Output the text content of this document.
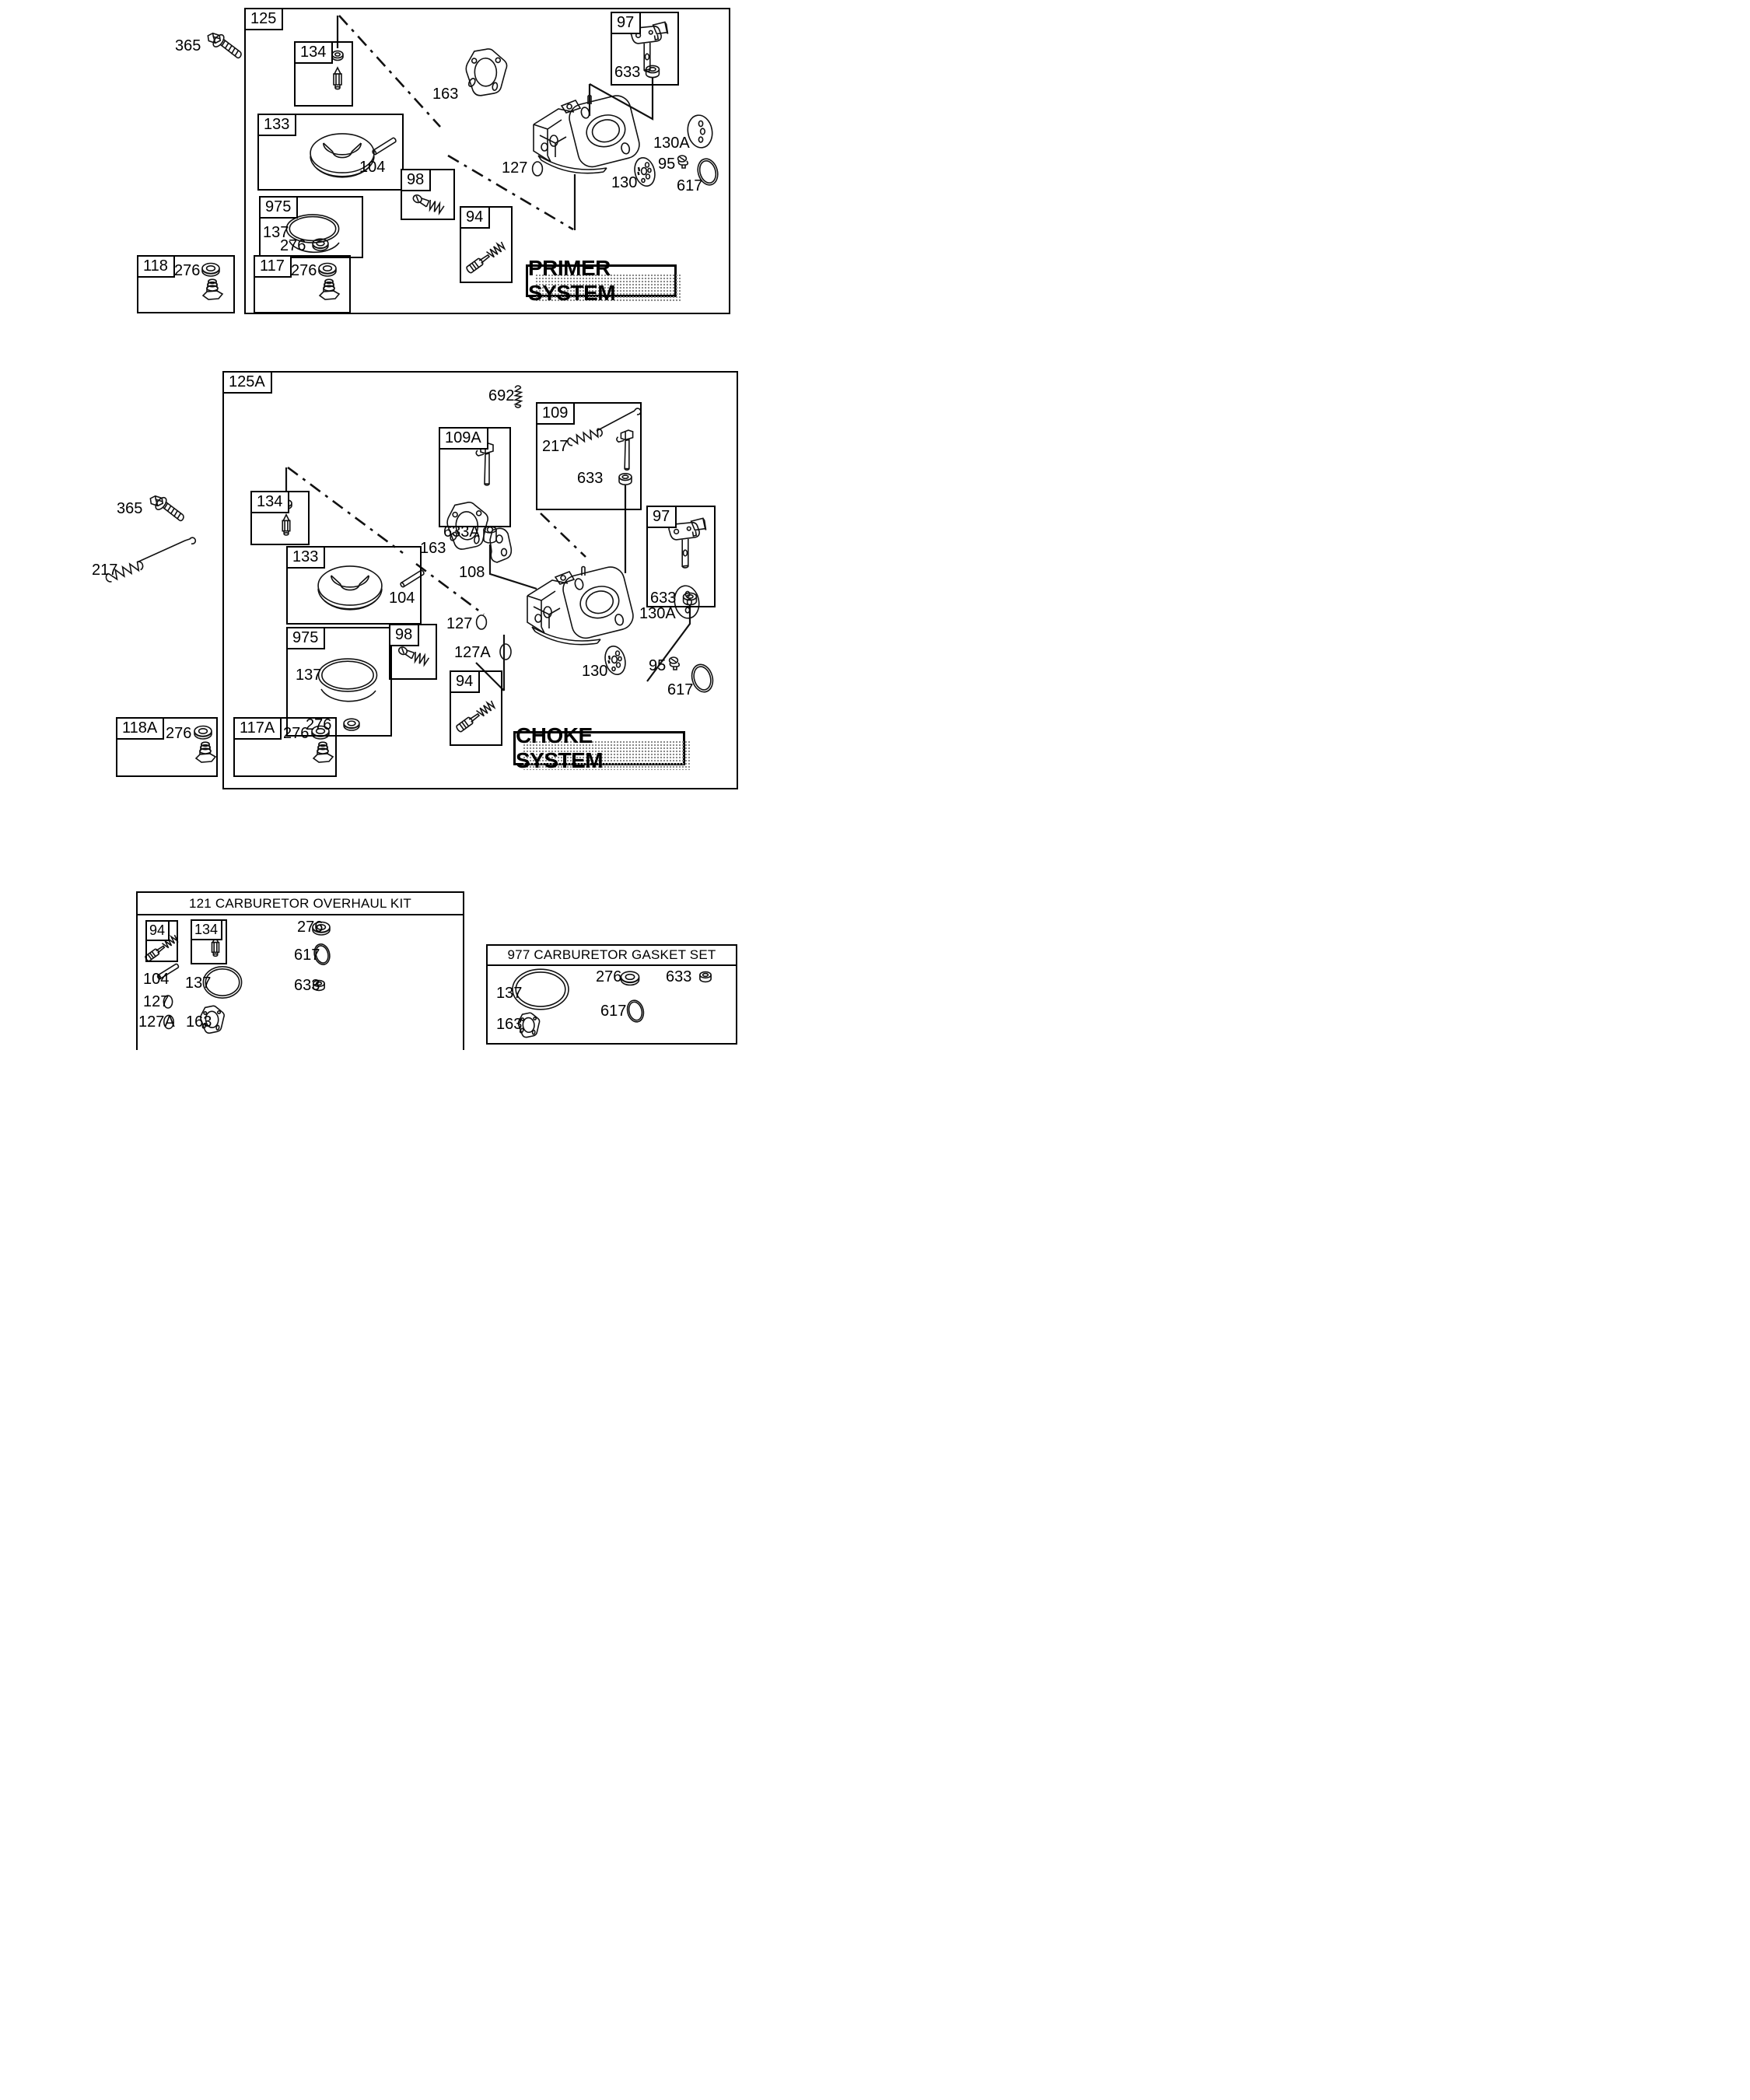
125
365	134
133
104
975
137
276
118 276	117 276
98
94
163
127
130
130A
95
617
97
633
PRIMER SYSTEM
125A
365
217
692
109A
633A
109
217
633
134
133
104
975
137
276
118A 276	117A 276
163
108
127
127A
98
94
97
633
130
130A
95
617
CHOKE SYSTEM
121 CARBURETOR OVERHAUL KIT
94	134
104
127
127A
137
163
276
617
633
977 CARBURETOR GASKET SET
137
163
276	633
617
